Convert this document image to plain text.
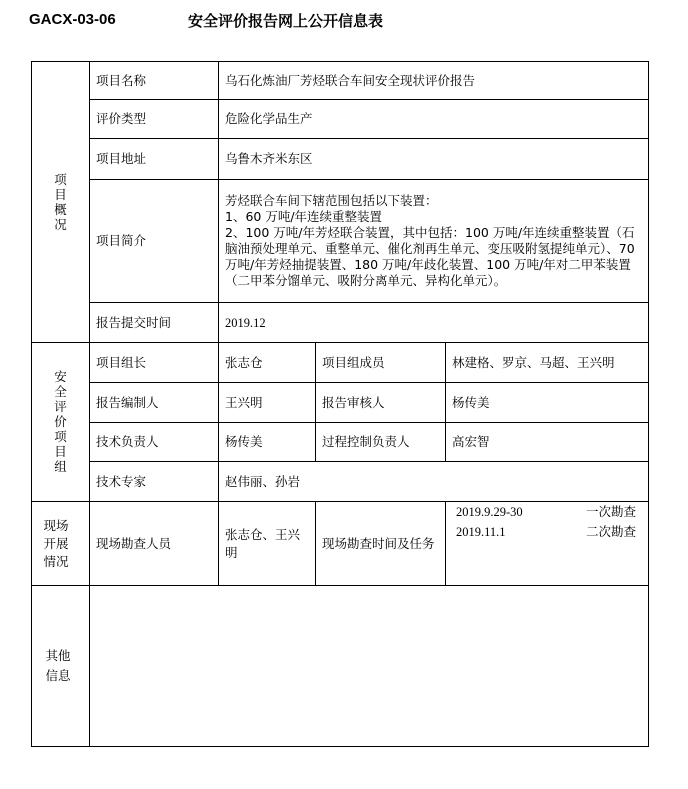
GACX-03-06	安全评价报告网上公开信息表
项目概况	项目名称	乌石化炼油厂芳烃联合车间安全现状评价报告		
	评价类型	危险化学品生产		
	项目地址	乌鲁木齐米东区		
	项目简介	芳烃联合车间下辖范围包括以下装置：
1、60 万吨/年连续重整装置
2、100 万吨/年芳烃联合装置，其中包括：100 万吨/年连续重整装置（石脑油预处理单元、重整单元、催化剂再生单元、变压吸附氢提纯单元）、70 万吨/年芳烃抽提装置、180 万吨/年歧化装置、100 万吨/年对二甲苯装置（二甲苯分馏单元、吸附分离单元、异构化单元）。		
	报告提交时间	2019.12		
安全评价项目组	项目组长	张志仓	项目组成员	林建格、罗京、马超、王兴明
	报告编制人	王兴明	报告审核人	杨传美
	技术负责人	杨传美	过程控制负责人	高宏智
	技术专家	赵伟丽、孙岩		
现场开展情况	现场勘查人员	张志仓、王兴明	现场勘查时间及任务	2019.9.29-30 一次勘查
2019.11.1 二次勘查

其他信息				
